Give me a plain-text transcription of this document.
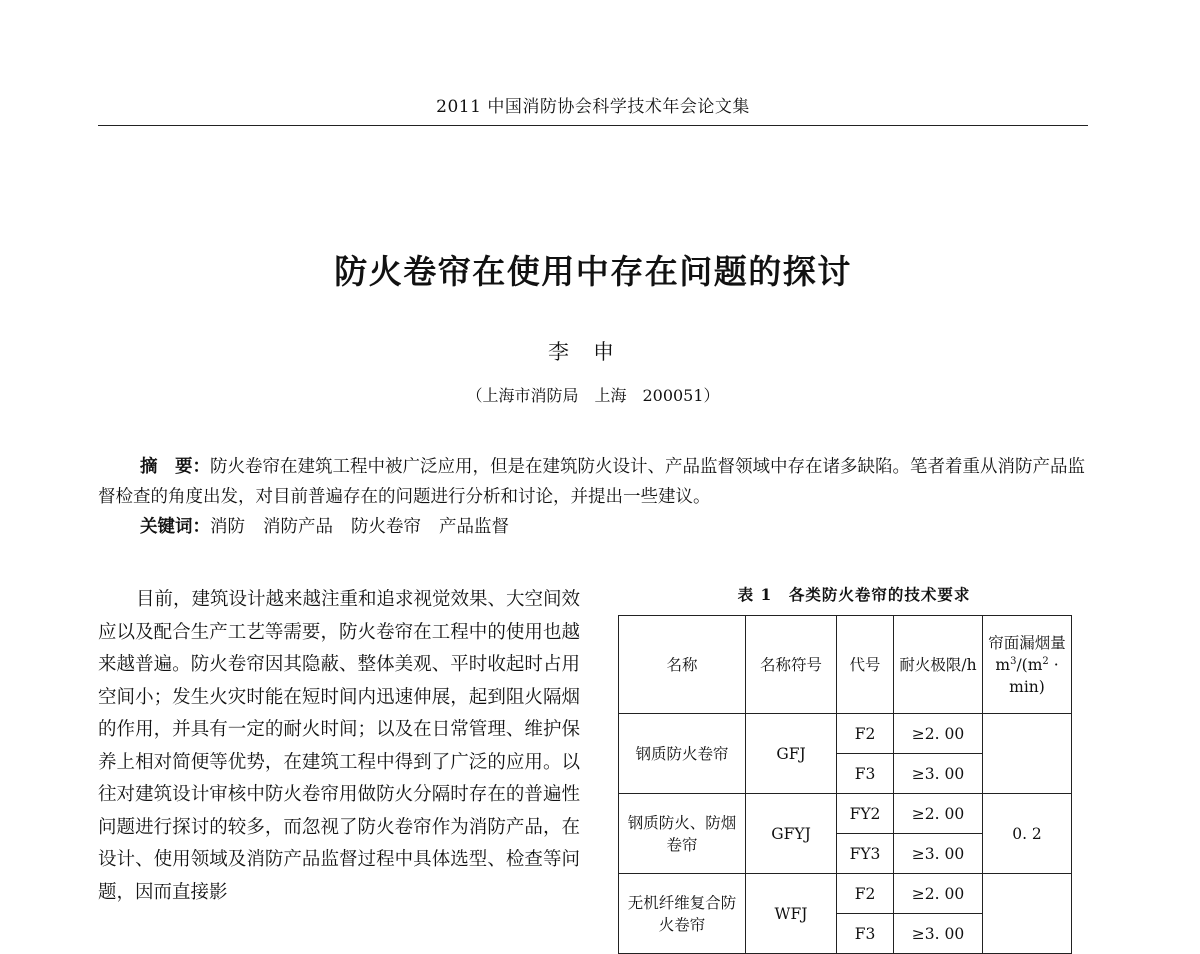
2011 中国消防协会科学技术年会论文集
防火卷帘在使用中存在问题的探讨
李申
（上海市消防局　上海　200051）

摘　要：防火卷帘在建筑工程中被广泛应用，但是在建筑防火设计、产品监督领域中存在诸多缺陷。笔者着重从消防产品监督检查的角度出发，对目前普遍存在的问题进行分析和讨论，并提出一些建议。

关键词：消防 消防产品 防火卷帘 产品监督

目前，建筑设计越来越注重和追求视觉效果、大空间效应以及配合生产工艺等需要，防火卷帘在工程中的使用也越来越普遍。防火卷帘因其隐蔽、整体美观、平时收起时占用空间小；发生火灾时能在短时间内迅速伸展，起到阻火隔烟的作用，并具有一定的耐火时间；以及在日常管理、维护保养上相对简便等优势，在建筑工程中得到了广泛的应用。以往对建筑设计审核中防火卷帘用做防火分隔时存在的普遍性问题进行探讨的较多，而忽视了防火卷帘作为消防产品，在设计、使用领域及消防产品监督过程中具体选型、检查等问题，因而直接影

表 1　各类防火卷帘的技术要求
名称	名称符号	代号	耐火极限/h	帘面漏烟量 $m^3/(m^2 \cdot \min)$
钢质防火卷帘	GFJ	F2	≥2. 00	
		F3	≥3. 00	
钢质防火、防烟卷帘	GFYJ	FY2	≥2. 00	0. 2
		FY3	≥3. 00	
无机纤维复合防火卷帘	WFJ	F2	≥2. 00	
		F3	≥3. 00	
